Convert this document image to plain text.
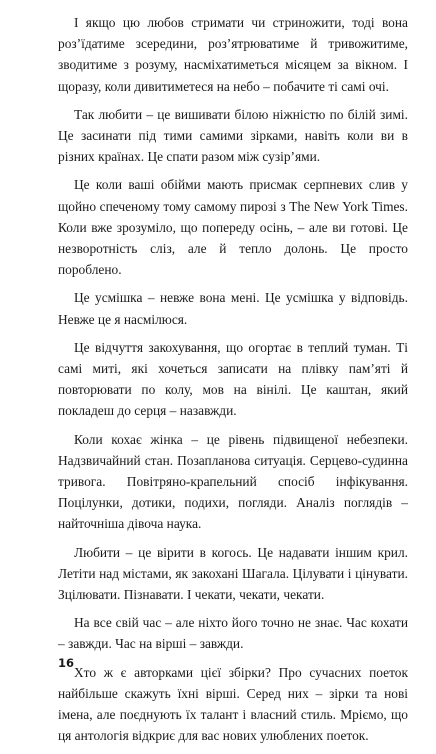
І якщо цю любов стримати чи стриножити, тоді вона роз’їдатиме зсередини, роз’ятрюватиме й тривожитиме, зводитиме з розуму, насміхатиметься місяцем за вікном. І щоразу, коли дивитиметеся на небо – побачите ті самі очі.

Так любити – це вишивати білою ніжністю по білій зимі. Це засинати під тими самими зірками, навіть коли ви в різних країнах. Це спати разом між сузір’ями.

Це коли ваші обійми мають присмак серпневих слив у щойно спеченому тому самому пирозі з The New York Times. Коли вже зрозуміло, що попереду осінь, – але ви готові. Це незворотність сліз, але й тепло долонь. Це просто пороблено.

Це усмішка – невже вона мені. Це усмішка у відповідь. Невже це я насмілюся.

Це відчуття закохування, що огортає в теплий туман. Ті самі миті, які хочеться записати на плівку пам’яті й повторювати по колу, мов на вінілі. Це каштан, який покладеш до серця – назавжди.

Коли кохає жінка – це рівень підвищеної небезпеки. Надзвичайний стан. Позапланова ситуація. Серцево-судинна тривога. Повітряно-крапельний спосіб інфікування. Поцілунки, дотики, подихи, погляди. Аналіз поглядів – найточніша дівоча наука.

Любити – це вірити в когось. Це надавати іншим крил. Летіти над містами, як закохані Шагала. Цілувати і цінувати. Зцілювати. Пізнавати. І чекати, чекати, чекати.

На все свій час – але ніхто його точно не знає. Час кохати – завжди. Час на вірші – завжди.

Хто ж є авторками цієї збірки? Про сучасних поеток найбільше скажуть їхні вірші. Серед них – зірки та нові імена, але поєднують їх талант і власний стиль. Мріємо, що ця антологія відкриє для вас нових улюблених поеток.

16
